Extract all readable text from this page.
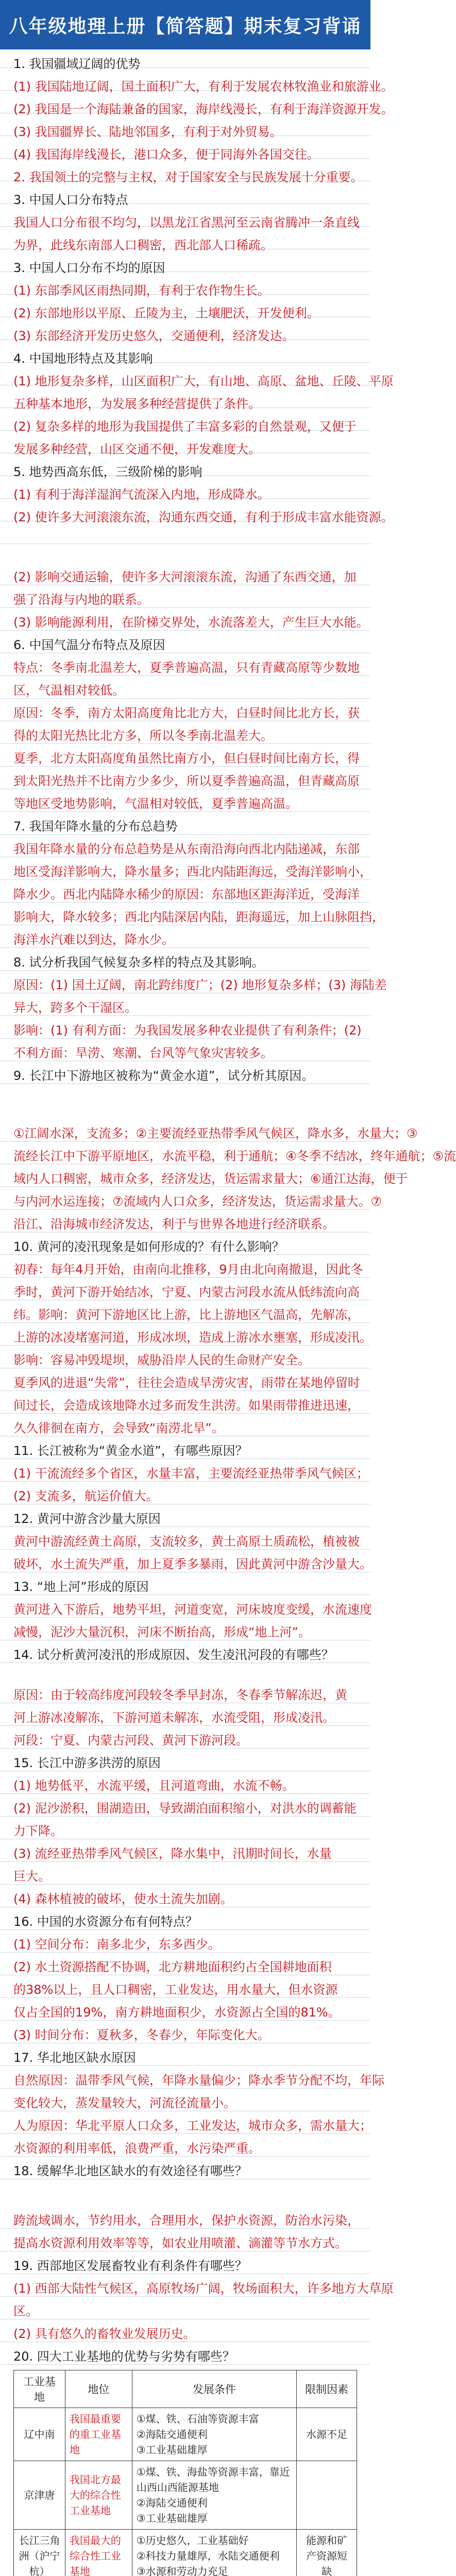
八年级地理上册【简答题】期末复习背诵
1. 我国疆域辽阔的优势
(1) 我国陆地辽阔，国土面积广大，有利于发展农林牧渔业和旅游业。
(2) 我国是一个海陆兼备的国家，海岸线漫长，有利于海洋资源开发。
(3) 我国疆界长、陆地邻国多，有利于对外贸易。
(4) 我国海岸线漫长，港口众多，便于同海外各国交往。
2. 我国领土的完整与主权，对于国家安全与民族发展十分重要。
3. 中国人口分布特点
我国人口分布很不均匀，以黑龙江省黑河至云南省腾冲一条直线
为界，此线东南部人口稠密，西北部人口稀疏。
3. 中国人口分布不均的原因
(1) 东部季风区雨热同期，有利于农作物生长。
(2) 东部地形以平原、丘陵为主，土壤肥沃，开发便利。
(3) 东部经济开发历史悠久，交通便利，经济发达。
4. 中国地形特点及其影响
(1) 地形复杂多样，山区面积广大，有山地、高原、盆地、丘陵、平原
五种基本地形，为发展多种经营提供了条件。
(2) 复杂多样的地形为我国提供了丰富多彩的自然景观，又便于
发展多种经营，山区交通不便，开发难度大。
5. 地势西高东低，三级阶梯的影响
(1) 有利于海洋湿润气流深入内地，形成降水。
(2) 使许多大河滚滚东流，沟通东西交通，有利于形成丰富水能资源。
(2) 影响交通运输，使许多大河滚滚东流，沟通了东西交通，加
强了沿海与内地的联系。
(3) 影响能源利用，在阶梯交界处，水流落差大，产生巨大水能。
6. 中国气温分布特点及原因
特点：冬季南北温差大，夏季普遍高温，只有青藏高原等少数地
区，气温相对较低。
原因：冬季，南方太阳高度角比北方大，白昼时间比北方长，获
得的太阳光热比北方多，所以冬季南北温差大。
夏季，北方太阳高度角虽然比南方小，但白昼时间比南方长，得
到太阳光热并不比南方少多少，所以夏季普遍高温，但青藏高原
等地区受地势影响，气温相对较低，夏季普遍高温。
7. 我国年降水量的分布总趋势
我国年降水量的分布总趋势是从东南沿海向西北内陆递减，东部
地区受海洋影响大，降水量多；西北内陆距海远，受海洋影响小，
降水少。西北内陆降水稀少的原因：东部地区距海洋近，受海洋
影响大，降水较多；西北内陆深居内陆，距海遥远，加上山脉阻挡，
海洋水汽难以到达，降水少。
8. 试分析我国气候复杂多样的特点及其影响。
原因：(1) 国土辽阔，南北跨纬度广；(2) 地形复杂多样；(3) 海陆差
异大，跨多个干湿区。
影响：(1) 有利方面：为我国发展多种农业提供了有利条件；(2)
不利方面：旱涝、寒潮、台风等气象灾害较多。
9. 长江中下游地区被称为“黄金水道”，试分析其原因。
①江阔水深，支流多；②主要流经亚热带季风气候区，降水多，水量大；③
流经长江中下游平原地区，水流平稳，利于通航；④冬季不结冰，终年通航；⑤流
域内人口稠密，城市众多，经济发达，货运需求量大；⑥通江达海，便于
与内河水运连接；⑦流域内人口众多，经济发达，货运需求量大。⑦
沿江、沿海城市经济发达，利于与世界各地进行经济联系。
10. 黄河的凌汛现象是如何形成的？有什么影响？
初春：每年4月开始，由南向北推移，9月由北向南撤退，因此冬
季时，黄河下游开始结冰，宁夏、内蒙古河段水流从低纬流向高
纬。影响：黄河下游地区比上游，比上游地区气温高，先解冻，
上游的冰凌堵塞河道，形成冰坝，造成上游冰水壅塞，形成凌汛。
影响：容易冲毁堤坝，威胁沿岸人民的生命财产安全。
夏季风的进退“失常”，往往会造成旱涝灾害，雨带在某地停留时
间过长，会造成该地降水过多而发生洪涝。如果雨带推进迅速，
久久徘徊在南方，会导致“南涝北旱”。
11. 长江被称为“黄金水道”，有哪些原因？
(1) 干流流经多个省区，水量丰富，主要流经亚热带季风气候区；
(2) 支流多，航运价值大。
12. 黄河中游含沙量大原因
黄河中游流经黄土高原，支流较多，黄土高原土质疏松，植被被
破坏，水土流失严重，加上夏季多暴雨，因此黄河中游含沙量大。
13. “地上河”形成的原因
黄河进入下游后，地势平坦，河道变宽，河床坡度变缓，水流速度
减慢，泥沙大量沉积，河床不断抬高，形成“地上河”。
14. 试分析黄河凌汛的形成原因、发生凌汛河段的有哪些？
原因：由于较高纬度河段较冬季早封冻，冬春季节解冻迟，黄
河上游冰凌解冻，下游河道未解冻，水流受阻，形成凌汛。
河段：宁夏、内蒙古河段、黄河下游河段。
15. 长江中游多洪涝的原因
(1) 地势低平，水流平缓，且河道弯曲，水流不畅。
(2) 泥沙淤积，围湖造田，导致湖泊面积缩小，对洪水的调蓄能
力下降。
(3) 流经亚热带季风气候区，降水集中，汛期时间长，水量
巨大。
(4) 森林植被的破坏，使水土流失加剧。
16. 中国的水资源分布有何特点？
(1) 空间分布：南多北少，东多西少。
(2) 水土资源搭配不协调，北方耕地面积约占全国耕地面积
的38%以上，且人口稠密，工业发达，用水量大，但水资源
仅占全国的19%，南方耕地面积少，水资源占全国的81%。
(3) 时间分布：夏秋多，冬春少，年际变化大。
17. 华北地区缺水原因
自然原因：温带季风气候，年降水量偏少；降水季节分配不均，年际
变化较大，蒸发量较大，河流径流量小。
人为原因：华北平原人口众多，工业发达，城市众多，需水量大；
水资源的利用率低，浪费严重，水污染严重。
18. 缓解华北地区缺水的有效途径有哪些？
跨流域调水，节约用水，合理用水，保护水资源，防治水污染，
提高水资源利用效率等等，如农业用喷灌、滴灌等节水方式。
19. 西部地区发展畜牧业有利条件有哪些？
(1) 西部大陆性气候区，高原牧场广阔，牧场面积大，许多地方大草原
区。
(2) 具有悠久的畜牧业发展历史。
20. 四大工业基地的优势与劣势有哪些？
工业基地	地位	发展条件	限制因素
辽中南	我国最重要的重工业基地	①煤、铁、石油等资源丰富
②海陆交通便利
③工业基础雄厚	水源不足
京津唐	我国北方最大的综合性工业基地	①煤、铁、海盐等资源丰富，靠近山西山西能源基地
②海陆交通便利
③工业基础雄厚	

长江三角洲（沪宁杭）	我国最大的综合性工业基地	①历史悠久，工业基础好
②科技力量雄厚，水陆交通便利
③水源和劳动力充足	能源和矿产资源短缺
